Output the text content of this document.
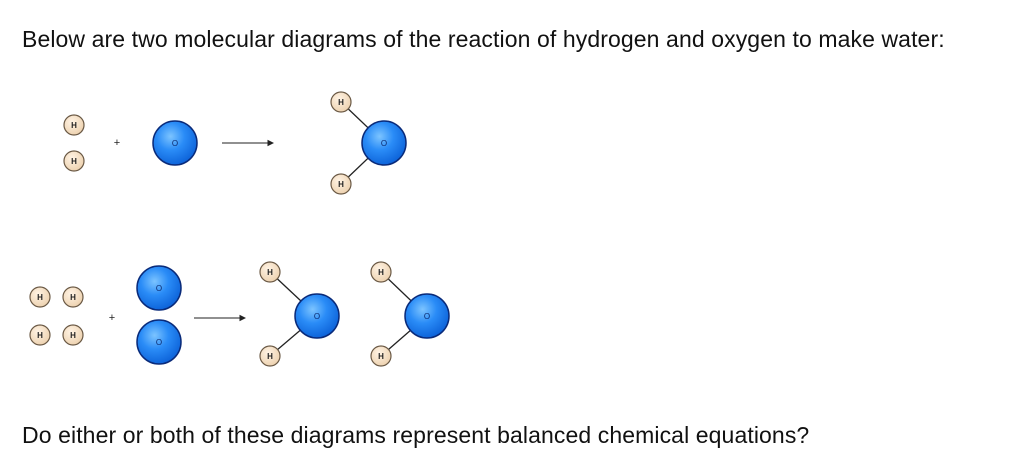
Below are two molecular diagrams of the reaction of hydrogen and oxygen to make water:
H
H
+	O
H
H
O
H
H
H
H
+
O
O
H
H
O
H
H
O
Do either or both of these diagrams represent balanced chemical equations?
